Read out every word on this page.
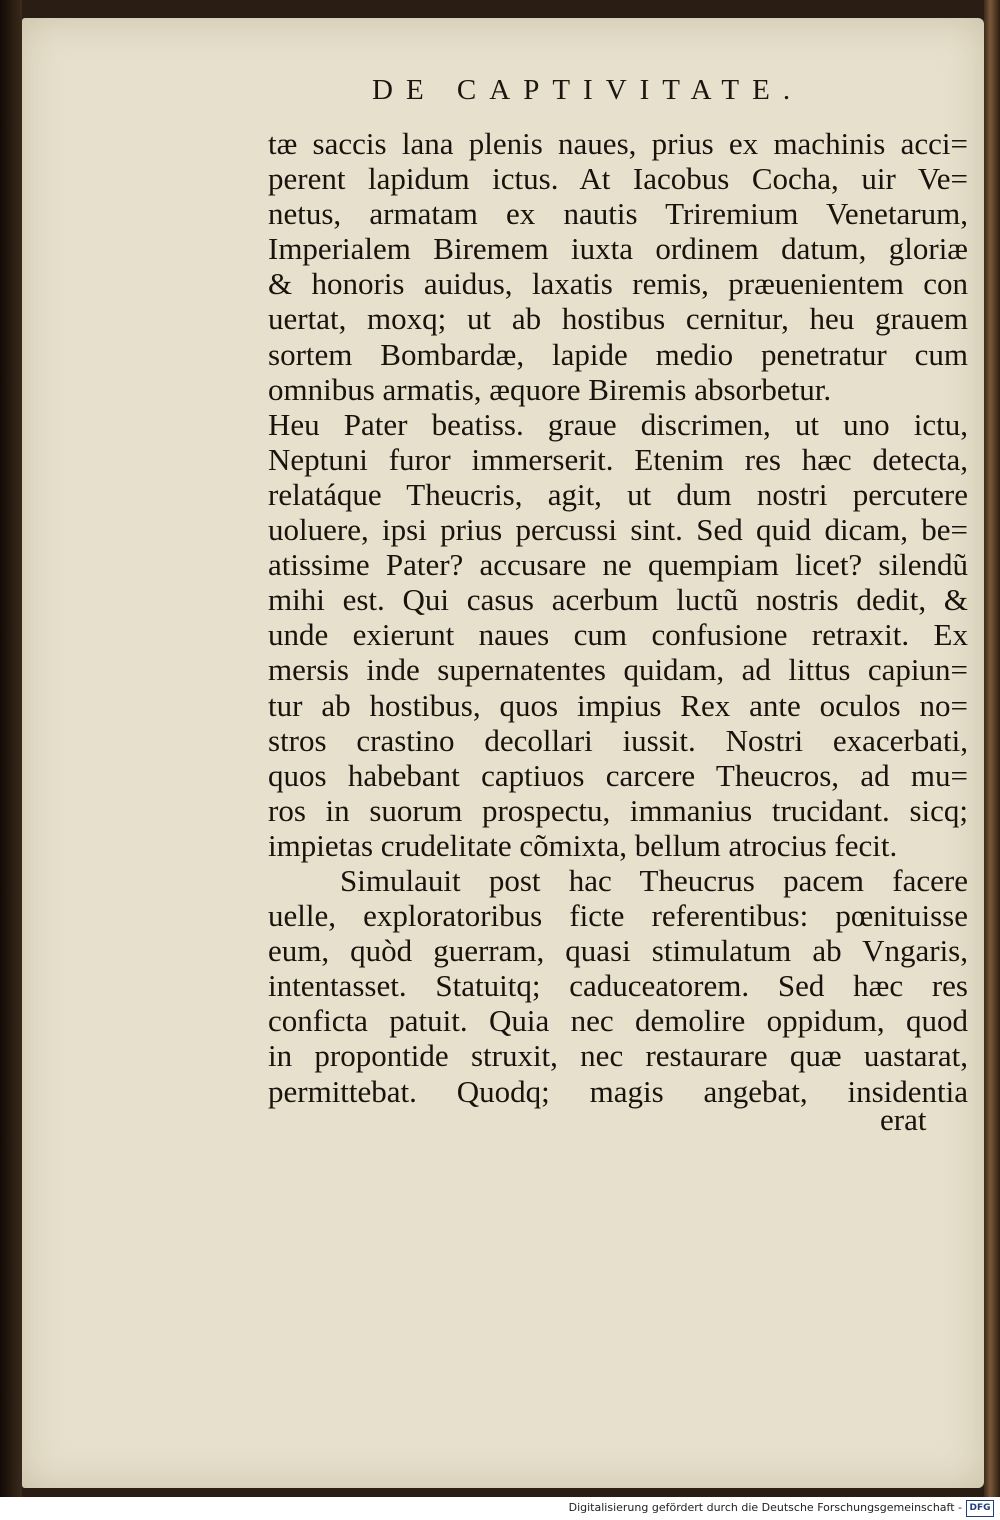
DE CAPTIVITATE.
tæ saccis lana plenis naues, prius ex machinis acci=
perent lapidum ictus. At Iacobus Cocha, uir Ve=
netus, armatam ex nautis Triremium Venetarum,
Imperialem Biremem iuxta ordinem datum, gloriæ
& honoris auidus, laxatis remis, præuenientem con
uertat, moxq; ut ab hostibus cernitur, heu grauem
sortem Bombardæ, lapide medio penetratur cum
omnibus armatis, æquore Biremis absorbetur.
Heu Pater beatiss. graue discrimen, ut uno ictu,
Neptuni furor immerserit. Etenim res hæc detecta,
relatáque Theucris, agit, ut dum nostri percutere
uoluere, ipsi prius percussi sint. Sed quid dicam, be=
atissime Pater? accusare ne quempiam licet? silendũ
mihi est. Qui casus acerbum luctũ nostris dedit, &
unde exierunt naues cum confusione retraxit. Ex
mersis inde supernatentes quidam, ad littus capiun=
tur ab hostibus, quos impius Rex ante oculos no=
stros crastino decollari iussit. Nostri exacerbati,
quos habebant captiuos carcere Theucros, ad mu=
ros in suorum prospectu, immanius trucidant. sicq;
impietas crudelitate cõmixta, bellum atrocius fecit.
Simulauit post hac Theucrus pacem facere
uelle, exploratoribus ficte referentibus: pœnituisse
eum, quòd guerram, quasi stimulatum ab Vngaris,
intentasset. Statuitq; caduceatorem. Sed hæc res
conficta patuit. Quia nec demolire oppidum, quod
in propontide struxit, nec restaurare quæ uastarat,
permittebat. Quodq; magis angebat, insidentia
erat
Digitalisierung gefördert durch die Deutsche Forschungsgemeinschaft - DFG
